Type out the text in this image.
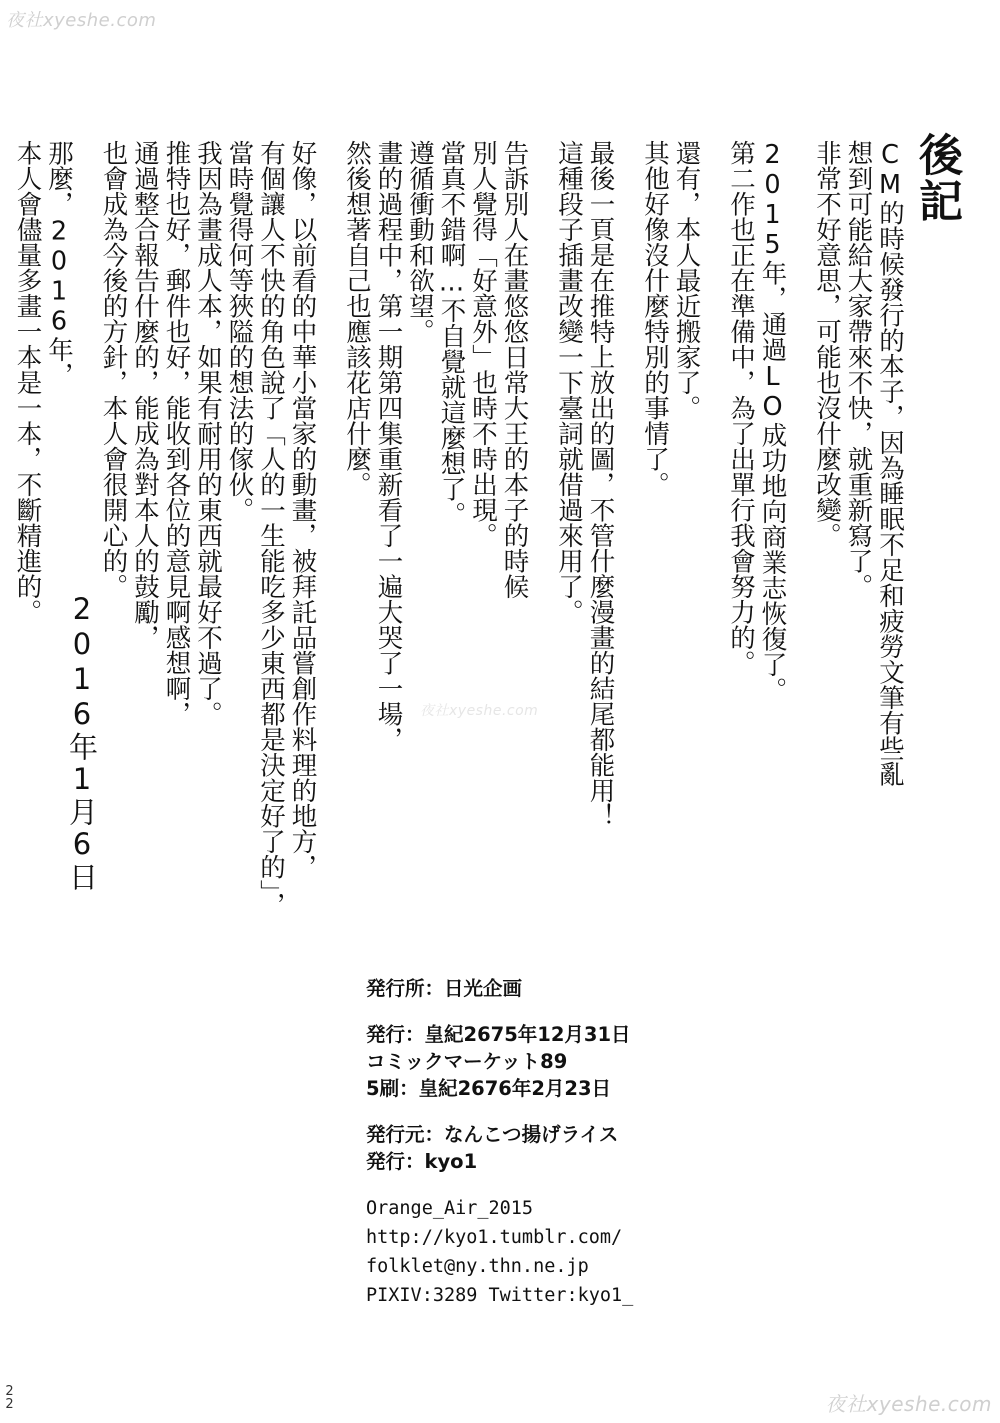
夜社xyeshe.com
夜社xyeshe.com
夜社xyeshe.com
後記
CM的時候發行的本子，因為睡眠不足和疲勞文筆有些亂
想到可能給大家帶來不快，就重新寫了。
非常不好意思，可能也沒什麼改變。
2015年，通過LO成功地向商業志恢復了。
第二作也正在準備中，為了出單行我會努力的。
還有，本人最近搬家了。
其他好像沒什麼特別的事情了。
最後一頁是在推特上放出的圖，不管什麼漫畫的結尾都能用！
這種段子插畫改變一下臺詞就借過來用了。
告訴別人在畫悠悠日常大王的本子的時候
別人覺得「好意外」也時不時出現。
當真不錯啊…不自覺就這麼想了。
遵循衝動和欲望。
畫的過程中，第一期第四集重新看了一遍大哭了一場，
然後想著自己也應該花店什麼。
好像，以前看的中華小當家的動畫，被拜託品嘗創作料理的地方，
有個讓人不快的角色說了「人的一生能吃多少東西都是決定好了的」，
當時覺得何等狹隘的想法的傢伙。
我因為畫成人本，如果有耐用的東西就最好不過了。
推特也好，郵件也好，能收到各位的意見啊感想啊，
通過整合報告什麼的，能成為對本人的鼓勵，
也會成為今後的方針，本人會很開心的。
那麼，2016年，
本人會儘量多畫一本是一本，不斷精進的。
2016年1月6日
発行所：日光企画
発行：皇紀2675年12月31日
コミックマーケット89
5刷：皇紀2676年2月23日
発行元：なんこつ揚げライス
発行：kyo1
Orange_Air_2015
http://kyo1.tumblr.com/
folklet@ny.thn.ne.jp
PIXIV:3289 Twitter:kyo1_
22
